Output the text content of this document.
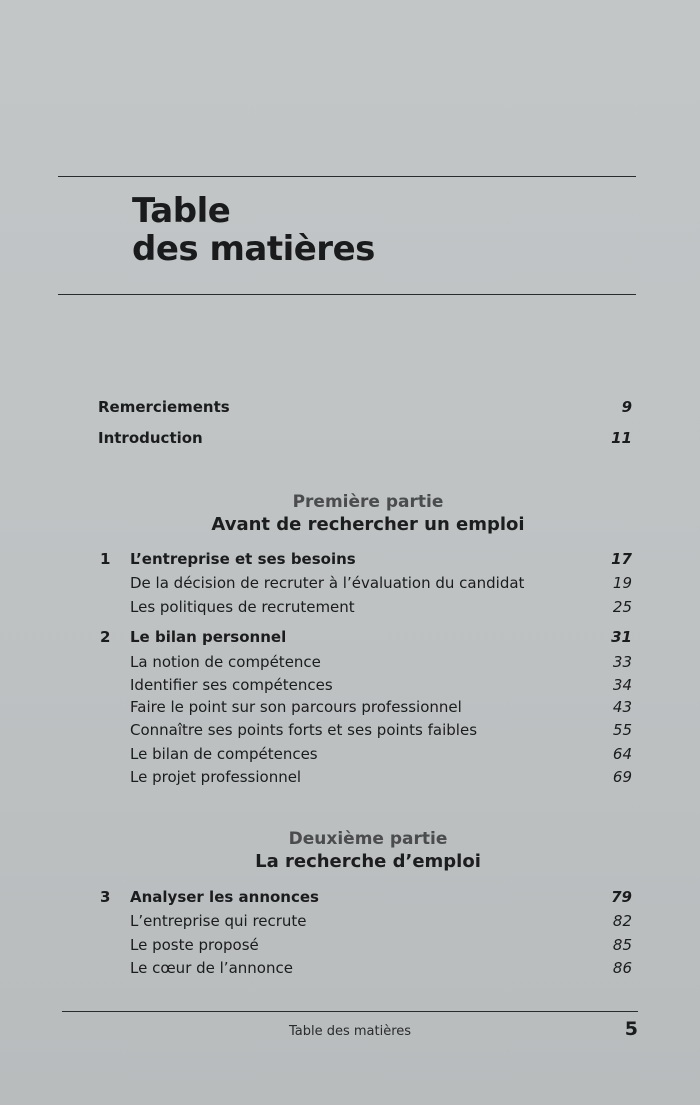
Table
des matières
Remerciements	9
Introduction	11
Première partie
Avant de rechercher un emploi
1 L’entreprise et ses besoins	17
De la décision de recruter à l’évaluation du candidat	19
Les politiques de recrutement	25
2 Le bilan personnel	31
La notion de compétence	33
Identifier ses compétences	34
Faire le point sur son parcours professionnel	43
Connaître ses points forts et ses points faibles	55
Le bilan de compétences	64
Le projet professionnel	69
Deuxième partie
La recherche d’emploi
3 Analyser les annonces	79
L’entreprise qui recrute	82
Le poste proposé	85
Le cœur de l’annonce	86
Table des matières	5
